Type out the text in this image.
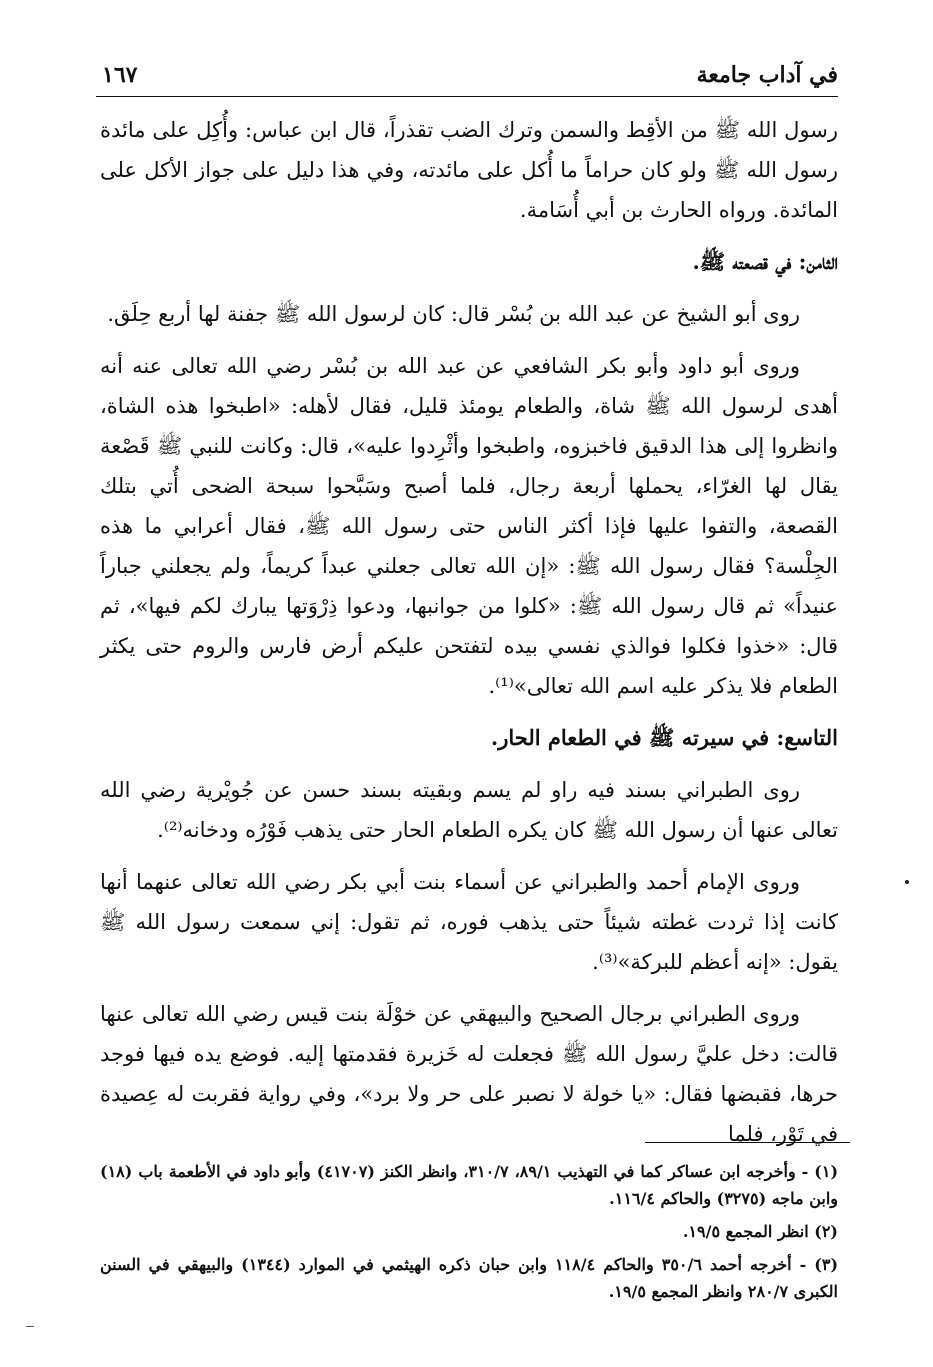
في آداب جامعة
١٦٧

رسول الله ﷺ من الأقِط والسمن وترك الضب تقذراً، قال ابن عباس: وأُكِل على مائدة رسول الله ﷺ ولو كان حراماً ما أُكل على مائدته، وفي هذا دليل على جواز الأكل على المائدة. ورواه الحارث بن أبي أُسَامة.

الثامن: في قصعته ﷺ.

روى أبو الشيخ عن عبد الله بن بُسْر قال: كان لرسول الله ﷺ جفنة لها أربع حِلَق.

وروى أبو داود وأبو بكر الشافعي عن عبد الله بن بُسْر رضي الله تعالى عنه أنه أهدى لرسول الله ﷺ شاة، والطعام يومئذ قليل، فقال لأهله: «اطبخوا هذه الشاة، وانظروا إلى هذا الدقيق فاخبزوه، واطبخوا وأثْرِدوا عليه»، قال: وكانت للنبي ﷺ قَصْعة يقال لها الغرّاء، يحملها أربعة رجال، فلما أصبح وسَبَّحوا سبحة الضحى أُتي بتلك القصعة، والتفوا عليها فإذا أكثر الناس حتى رسول الله ﷺ، فقال أعرابي ما هذه الجِلْسة؟ فقال رسول الله ﷺ: «إن الله تعالى جعلني عبداً كريماً، ولم يجعلني جباراً عنيداً» ثم قال رسول الله ﷺ: «كلوا من جوانبها، ودعوا ذِرْوَتها يبارك لكم فيها»، ثم قال: «خذوا فكلوا فوالذي نفسي بيده لتفتحن عليكم أرض فارس والروم حتى يكثر الطعام فلا يذكر عليه اسم الله تعالى»⁽¹⁾.

التاسع: في سيرته ﷺ في الطعام الحار.

روى الطبراني بسند فيه راو لم يسم وبقيته بسند حسن عن جُويْرية رضي الله تعالى عنها أن رسول الله ﷺ كان يكره الطعام الحار حتى يذهب فَوْرُه ودخانه⁽²⁾.

وروى الإمام أحمد والطبراني عن أسماء بنت أبي بكر رضي الله تعالى عنهما أنها كانت إذا ثردت غطته شيئاً حتى يذهب فوره، ثم تقول: إني سمعت رسول الله ﷺ يقول: «إنه أعظم للبركة»⁽³⁾.

وروى الطبراني برجال الصحيح والبيهقي عن خوْلَة بنت قيس رضي الله تعالى عنها قالت: دخل عليَّ رسول الله ﷺ فجعلت له خَزيرة فقدمتها إليه. فوضع يده فيها فوجد حرها، فقبضها فقال: «يا خولة لا نصبر على حر ولا برد»، وفي رواية فقربت له عِصيدة في تَوْر، فلما

(١) - وأخرجه ابن عساكر كما في التهذيب ٨٩/١، ٣١٠/٧، وانظر الكنز (٤١٧٠٧) وأبو داود في الأطعمة باب (١٨) وابن ماجه (٣٢٧٥) والحاكم ١١٦/٤.

(٢) انظر المجمع ١٩/٥.

(٣) - أخرجه أحمد ٣٥٠/٦ والحاكم ١١٨/٤ وابن حبان ذكره الهيثمي في الموارد (١٣٤٤) والبيهقي في السنن الكبرى ٢٨٠/٧ وانظر المجمع ١٩/٥.
